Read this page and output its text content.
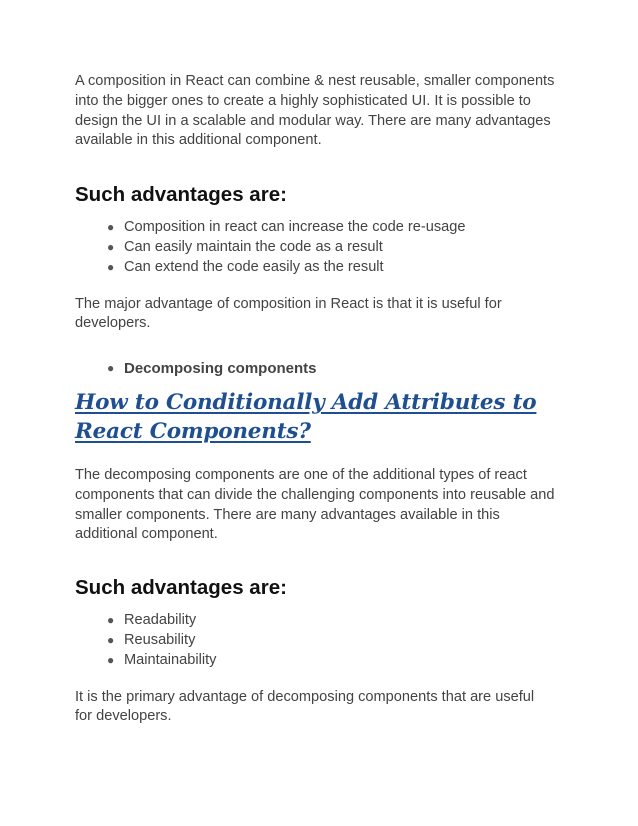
A composition in React can combine & nest reusable, smaller components into the bigger ones to create a highly sophisticated UI. It is possible to design the UI in a scalable and modular way. There are many advantages available in this additional component.

Such advantages are:
● Composition in react can increase the code re-usage
● Can easily maintain the code as a result
● Can extend the code easily as the result

The major advantage of composition in React is that it is useful for developers.

● Decomposing components
How to Conditionally Add Attributes to React Components?

The decomposing components are one of the additional types of react components that can divide the challenging components into reusable and smaller components. There are many advantages available in this additional component.

Such advantages are:
● Readability
● Reusability
● Maintainability

It is the primary advantage of decomposing components that are useful for developers.
